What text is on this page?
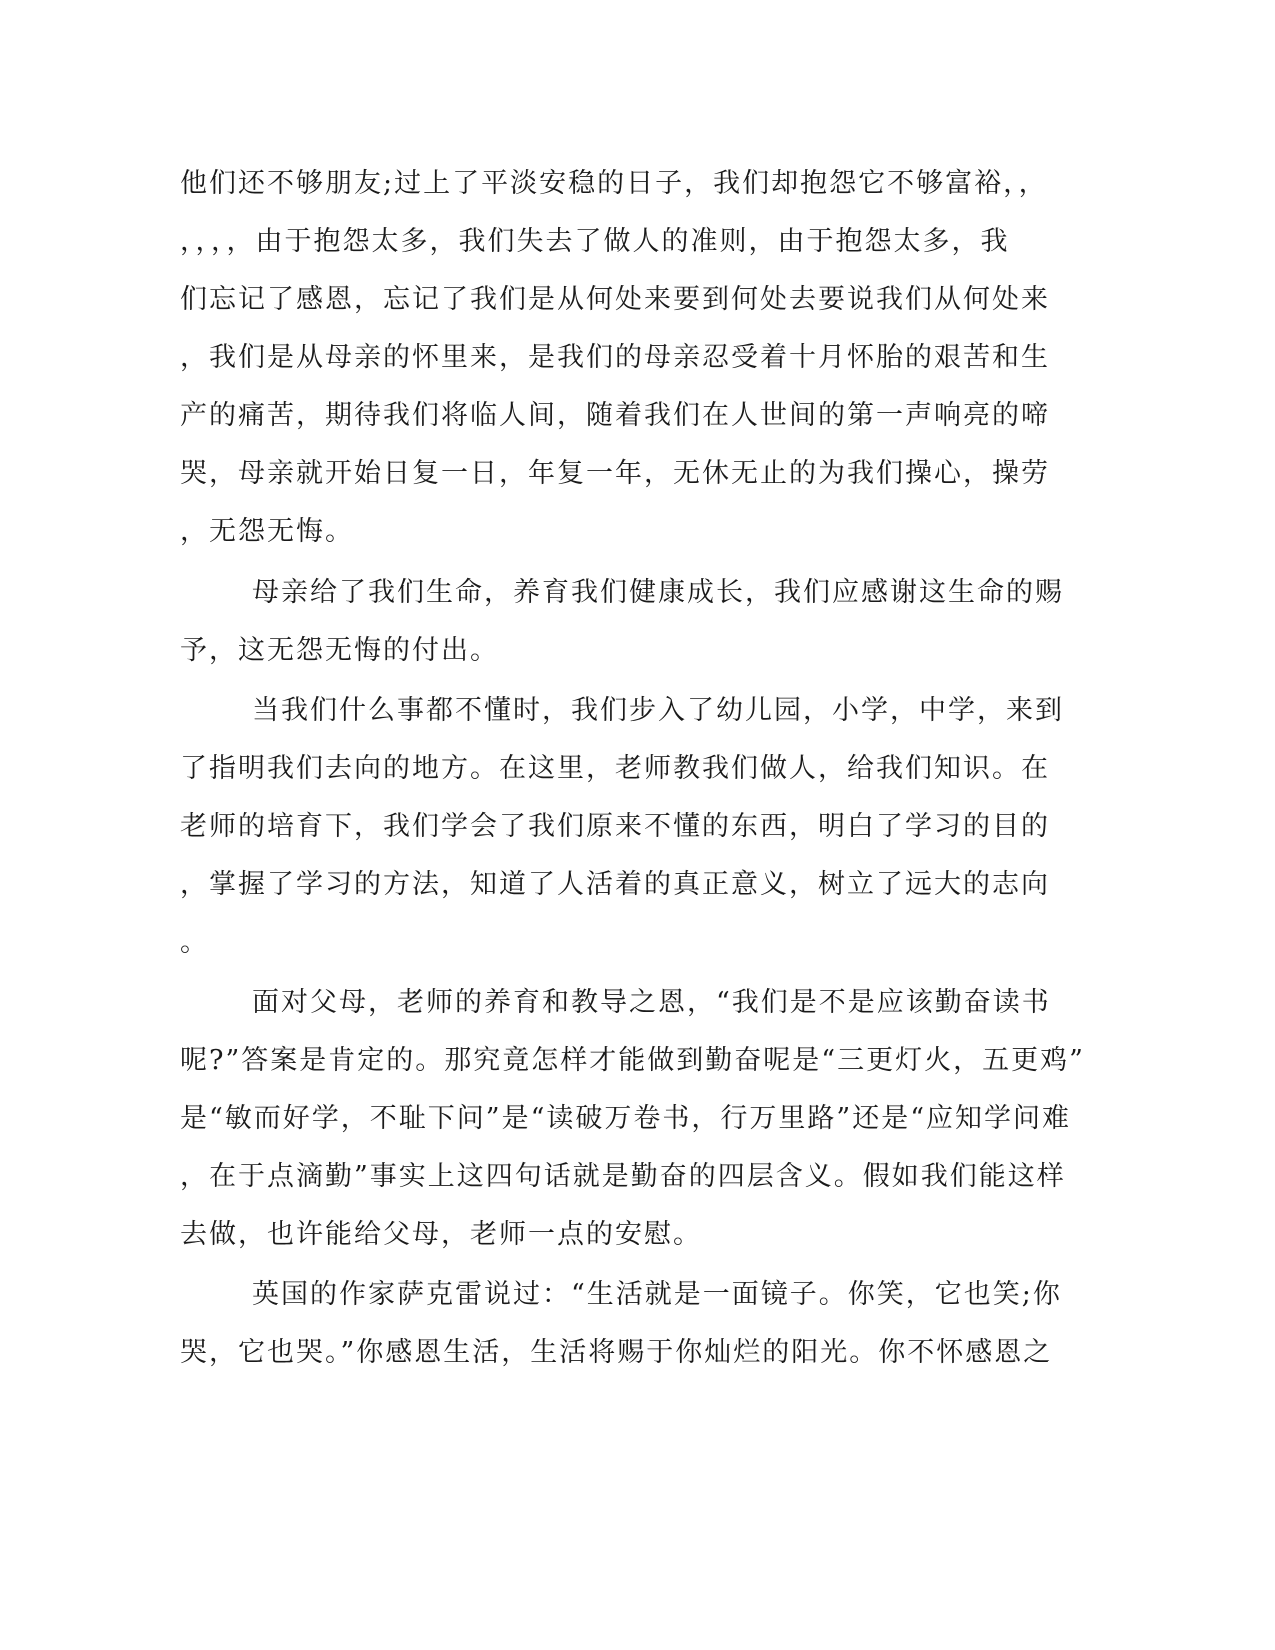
他们还不够朋友;过上了平淡安稳的日子，我们却抱怨它不够富裕，，
，，，，由于抱怨太多，我们失去了做人的准则，由于抱怨太多，我
们忘记了感恩，忘记了我们是从何处来要到何处去要说我们从何处来
，我们是从母亲的怀里来，是我们的母亲忍受着十月怀胎的艰苦和生
产的痛苦，期待我们将临人间，随着我们在人世间的第一声响亮的啼
哭，母亲就开始日复一日，年复一年，无休无止的为我们操心，操劳
，无怨无悔。
母亲给了我们生命，养育我们健康成长，我们应感谢这生命的赐
予，这无怨无悔的付出。
当我们什么事都不懂时，我们步入了幼儿园，小学，中学，来到
了指明我们去向的地方。在这里，老师教我们做人，给我们知识。在
老师的培育下，我们学会了我们原来不懂的东西，明白了学习的目的
，掌握了学习的方法，知道了人活着的真正意义，树立了远大的志向
。
面对父母，老师的养育和教导之恩，“我们是不是应该勤奋读书
呢?”答案是肯定的。那究竟怎样才能做到勤奋呢是“三更灯火，五更鸡”
是“敏而好学，不耻下问”是“读破万卷书，行万里路”还是“应知学问难
，在于点滴勤”事实上这四句话就是勤奋的四层含义。假如我们能这样
去做，也许能给父母，老师一点的安慰。
英国的作家萨克雷说过：“生活就是一面镜子。你笑，它也笑;你
哭，它也哭。”你感恩生活，生活将赐于你灿烂的阳光。你不怀感恩之
